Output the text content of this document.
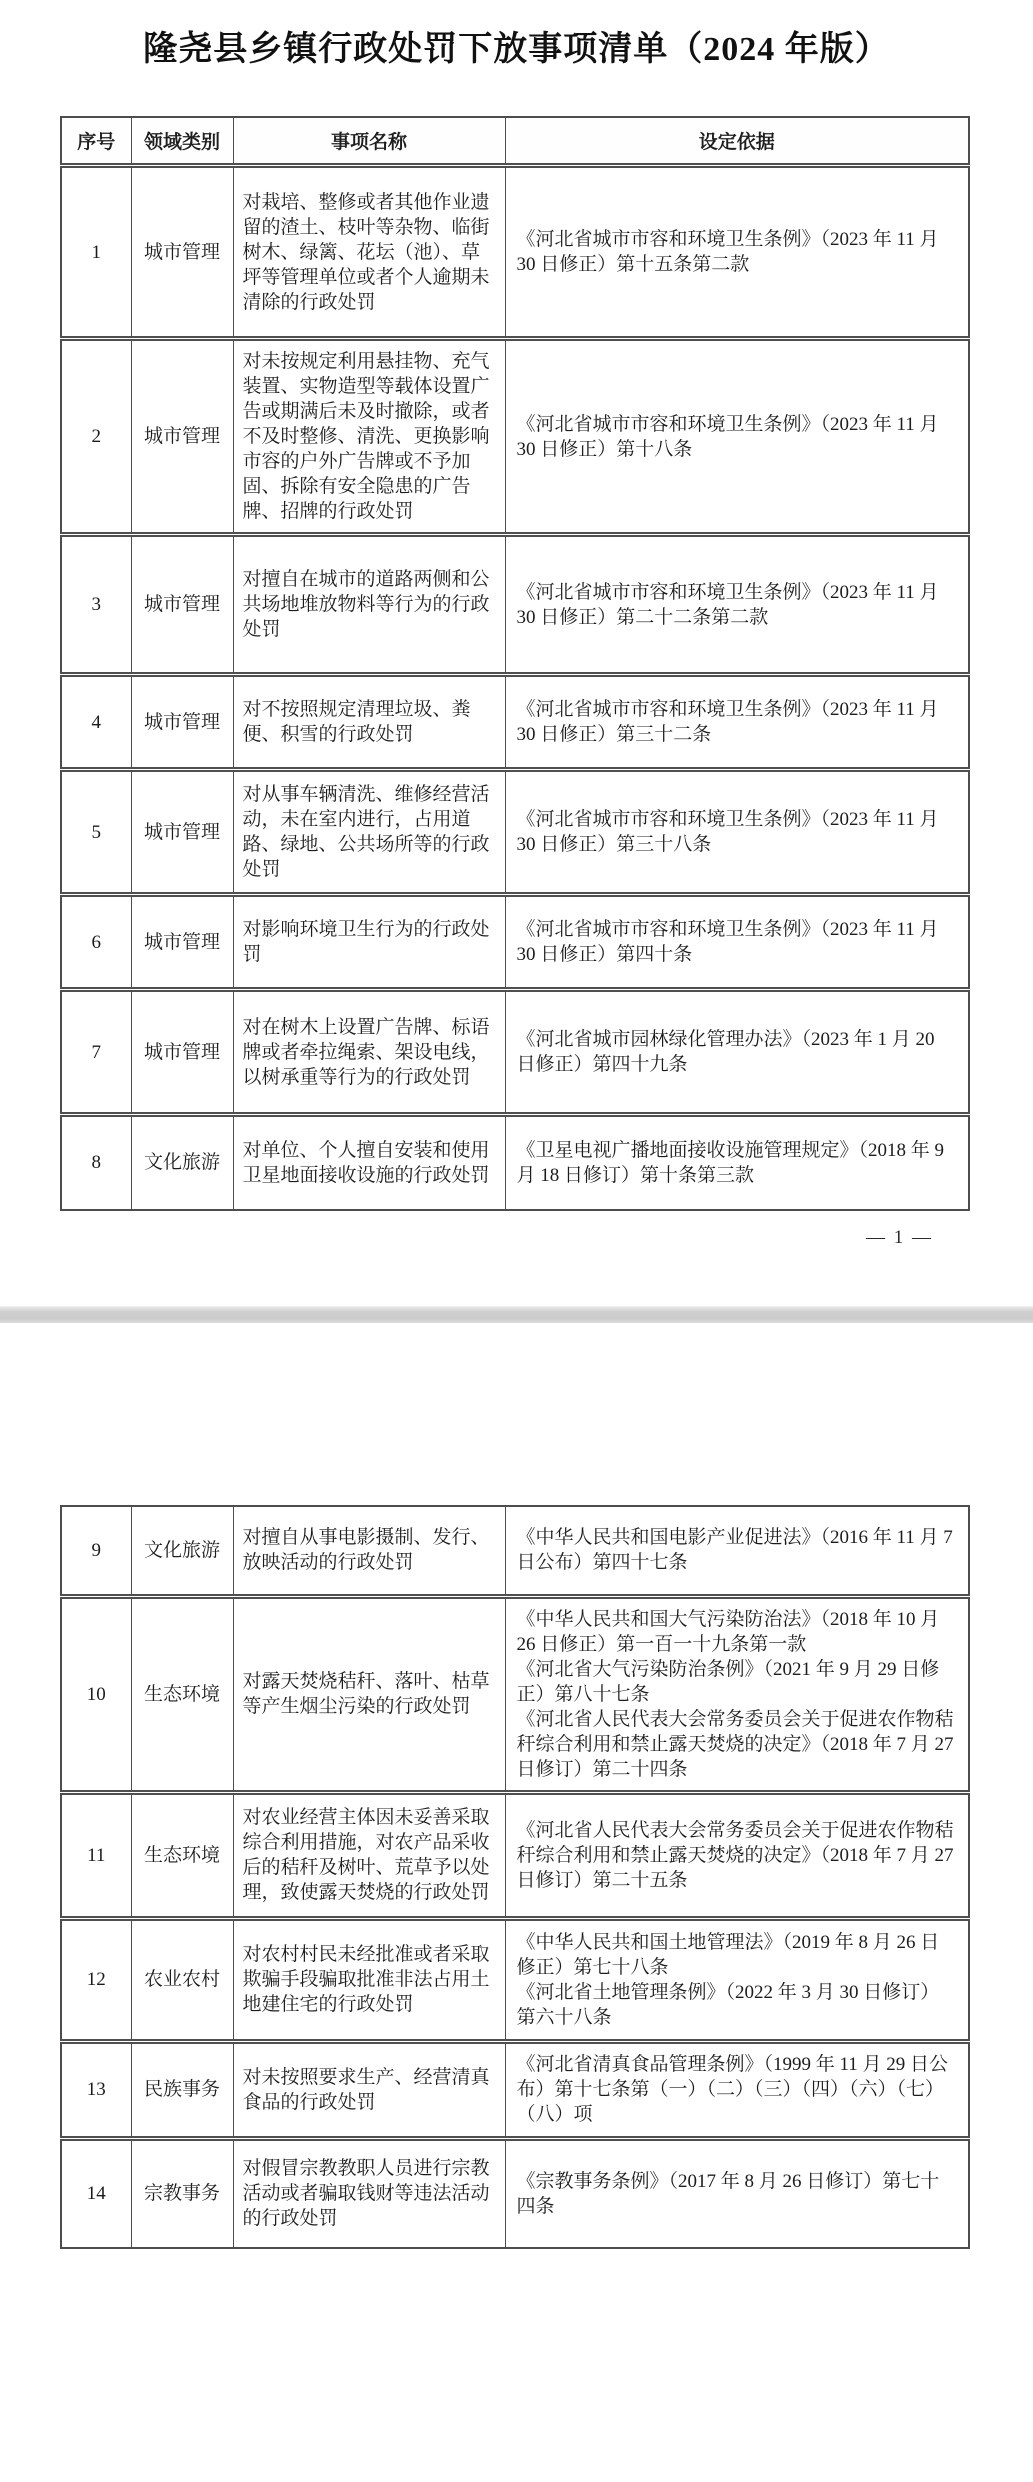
隆尧县乡镇行政处罚下放事项清单（2024 年版）
序号	领域类别	事项名称	设定依据
1	城市管理	对栽培、整修或者其他作业遗留的渣土、枝叶等杂物、临街树木、绿篱、花坛（池）、草坪等管理单位或者个人逾期未清除的行政处罚	《河北省城市市容和环境卫生条例》（2023 年 11 月 30 日修正）第十五条第二款

2	城市管理	对未按规定利用悬挂物、充气装置、实物造型等载体设置广告或期满后未及时撤除，或者不及时整修、清洗、更换影响市容的户外广告牌或不予加固、拆除有安全隐患的广告牌、招牌的行政处罚	《河北省城市市容和环境卫生条例》（2023 年 11 月 30 日修正）第十八条

3	城市管理	对擅自在城市的道路两侧和公共场地堆放物料等行为的行政处罚	《河北省城市市容和环境卫生条例》（2023 年 11 月 30 日修正）第二十二条第二款

4	城市管理	对不按照规定清理垃圾、粪便、积雪的行政处罚	《河北省城市市容和环境卫生条例》（2023 年 11 月 30 日修正）第三十二条

5	城市管理	对从事车辆清洗、维修经营活动，未在室内进行，占用道路、绿地、公共场所等的行政处罚	《河北省城市市容和环境卫生条例》（2023 年 11 月 30 日修正）第三十八条

6	城市管理	对影响环境卫生行为的行政处罚	《河北省城市市容和环境卫生条例》（2023 年 11 月 30 日修正）第四十条

7	城市管理	对在树木上设置广告牌、标语牌或者牵拉绳索、架设电线，以树承重等行为的行政处罚	《河北省城市园林绿化管理办法》（2023 年 1 月 20 日修正）第四十九条

8	文化旅游	对单位、个人擅自安装和使用卫星地面接收设施的行政处罚	《卫星电视广播地面接收设施管理规定》（2018 年 9 月 18 日修订）第十条第三款
— 1 —
9	文化旅游	对擅自从事电影摄制、发行、放映活动的行政处罚	《中华人民共和国电影产业促进法》（2016 年 11 月 7 日公布）第四十七条

10	生态环境	对露天焚烧秸秆、落叶、枯草等产生烟尘污染的行政处罚	《中华人民共和国大气污染防治法》（2018 年 10 月 26 日修正）第一百一十九条第一款
《河北省大气污染防治条例》（2021 年 9 月 29 日修正）第八十七条
《河北省人民代表大会常务委员会关于促进农作物秸秆综合利用和禁止露天焚烧的决定》（2018 年 7 月 27 日修订）第二十四条

11	生态环境	对农业经营主体因未妥善采取综合利用措施，对农产品采收后的秸秆及树叶、荒草予以处理，致使露天焚烧的行政处罚	《河北省人民代表大会常务委员会关于促进农作物秸秆综合利用和禁止露天焚烧的决定》（2018 年 7 月 27 日修订）第二十五条

12	农业农村	对农村村民未经批准或者采取欺骗手段骗取批准非法占用土地建住宅的行政处罚	《中华人民共和国土地管理法》（2019 年 8 月 26 日修正）第七十八条
《河北省土地管理条例》（2022 年 3 月 30 日修订）第六十八条

13	民族事务	对未按照要求生产、经营清真食品的行政处罚	《河北省清真食品管理条例》（1999 年 11 月 29 日公布）第十七条第（一）（二）（三）（四）（六）（七）（八）项

14	宗教事务	对假冒宗教教职人员进行宗教活动或者骗取钱财等违法活动的行政处罚	《宗教事务条例》（2017 年 8 月 26 日修订）第七十四条
